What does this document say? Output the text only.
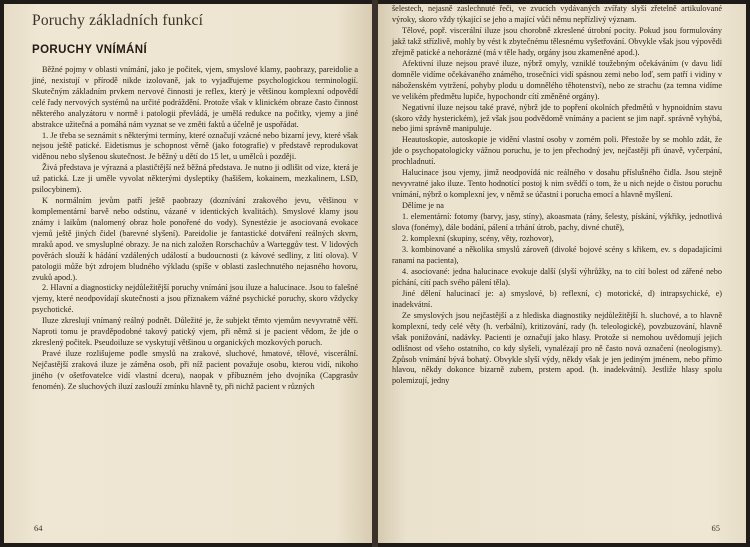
Poruchy základních funkcí
PORUCHY VNÍMÁNÍ

Běžné pojmy v oblasti vnímání, jako je počitek, vjem, smyslové klamy, paobrazy, pareidolie a jiné, nexistují v přírodě nikde izolovaně, jak to vyjadřujeme psychologickou terminologií. Skutečným základním prvkem nervové činnosti je reflex, který je většinou komplexní odpovědí celé řady nervových systémů na určité podráždění. Protože však v klinickém obraze často činnost některého analyzátoru v normě i patologii převládá, je umělá redukce na počitky, vjemy a jiné abstrakce užitečná a pomáhá nám vyznat se ve změti faktů a účelně je uspořádat.

1. Je třeba se seznámit s některými termíny, které označují vzácné nebo bizarní jevy, které však nejsou ještě patické. Eidetismus je schopnost věrně (jako fotografie) v představě reprodukovat viděnou nebo slyšenou skutečnost. Je běžný u dětí do 15 let, u umělců i později.

Živá představa je výrazná a plastičtější než běžná představa. Je nutno ji odlišit od vize, která je už patická. Lze ji uměle vyvolat některými dysleptiky (hašišem, kokainem, mezkalinem, LSD, psilocybinem).

K normálním jevům patří ještě paobrazy (doznívání zrakového jevu, většinou v komplementární barvě nebo odstínu, vázané v identických kvalitách). Smyslové klamy jsou známy i laikům (nalomený obraz hole ponořené do vody). Synestézie je asociovaná evokace vjemů ještě jiných čidel (barevné slyšení). Pareidolie je fantastické dotváření reálných skvrn, mraků apod. ve smysluplné obrazy. Je na nich založen Rorschachův a Warteggův test. V lidových pověrách slouží k hádání vzdálených událostí a budoucnosti (z kávové sedliny, z lití olova). V patologii může být zdrojem bludného výkladu (spíše v oblasti zaslechnutého nejasného hovoru, zvuků apod.).

2. Hlavní a diagnosticky nejdůležitější poruchy vnímání jsou iluze a halucinace. Jsou to falešné vjemy, které neodpovídají skutečnosti a jsou příznakem vážné psychické poruchy, skoro vždycky psychotické.

Iluze zkreslují vnímaný reálný podnět. Důležité je, že subjekt těmto vjemům nevyvratně věří. Naproti tomu je pravděpodobné takový patický vjem, při němž si je pacient vědom, že jde o zkreslený počitek. Pseudoiluze se vyskytují většinou u organických mozkových poruch.

Pravé iluze rozlišujeme podle smyslů na zrakové, sluchové, hmatové, tělové, viscerální. Nejčastější zraková iluze je záměna osob, při níž pacient považuje osobu, kterou vidí, nikoho jiného (v ošetřovatelce vidí vlastní dceru), naopak v příbuzném jeho dvojníka (Capgrasův fenomén). Ze sluchových iluzí zaslouží zmínku hlavně ty, při nichž pacient v různých

64

šelestech, nejasně zaslechnuté řeči, ve zvucích vydávaných zvířaty slyší zřetelně artikulované výroky, skoro vždy týkající se jeho a mající vůči němu nepřízlivý význam.

Tělové, popř. viscerální iluze jsou chorobně zkreslené útrobní pocity. Pokud jsou formulovány jakž takž střízlivě, mohly by vést k zbytečnému tělesnému vyšetřování. Obvykle však jsou výpovědi zřejmě patické a nehorázné (má v těle hady, orgány jsou zkameněné apod.).

Afektivní iluze nejsou pravé iluze, nýbrž omyly, vzniklé toužebným očekáváním (v davu lidí domněle vidíme očekávaného známého, trosečníci vidí spásnou zemi nebo loď, sem patří i vidiny v náboženském vytržení, pohyby plodu u domnělého těhotenství), nebo ze strachu (za temna vidíme ve velikém předmětu lupiče, hypochondr cítí změněné orgány).

Negativní iluze nejsou také pravé, nýbrž jde to popření okolních předmětů v hypnoidním stavu (skoro vždy hysterickém), jež však jsou podvědomě vnímány a pacient se jim např. správně vyhýbá, nebo jimi správně manipuluje.

Heautoskopie, autoskopie je vidění vlastní osoby v zorném poli. Přestože by se mohlo zdát, že jde o psychopatologicky vážnou poruchu, je to jen přechodný jev, nejčastěji při únavě, vyčerpání, prochladnutí.

Halucinace jsou vjemy, jimž neodpovídá nic reálného v dosahu příslušného čidla. Jsou stejně nevyvratné jako iluze. Tento hodnotící postoj k nim svědčí o tom, že u nich nejde o čistou poruchu vnímání, nýbrž o komplexní jev, v němž se účastní i porucha emocí a hlavně myšlení.

Dělíme je na

1. elementární: fotomy (barvy, jasy, stíny), akoasmata (rány, šelesty, pískání, výkřiky, jednotlivá slova (fonémy), dále bodání, pálení a trhání útrob, pachy, divné chutě),

2. komplexní (skupiny, scény, věty, rozhovor),

3. kombinované a několika smyslů zároveň (divoké bojové scény s křikem, ev. s dopadajícími ranami na pacienta),

4. asociované: jedna halucinace evokuje další (slyší výhrůžky, na to cítí bolest od zářené nebo píchání, cítí pach svého pálení těla).

Jiné dělení halucinací je: a) smyslové, b) reflexní, c) motorické, d) intrapsychické, e) inadekvátní.

Ze smyslových jsou nejčastější a z hlediska diagnostiky nejdůležitější h. sluchové, a to hlavně komplexní, tedy celé věty (h. verbální), kritizování, rady (h. teleologické), povzbuzování, hlavně však ponižování, nadávky. Pacienti je označují jako hlasy. Protože si nemohou uvědomují jejich odlišnost od všeho ostatního, co kdy slyšeli, vynalézají pro ně často nová označení (neologismy). Způsob vnímání bývá bohatý. Obvykle slyší výdy, někdy však je jen jediným jménem, nebo přímo hlavou, někdy dokonce bizarně zubem, prstem apod. (h. inadekvátní). Jestliže hlasy spolu polemizují, jedny

65
